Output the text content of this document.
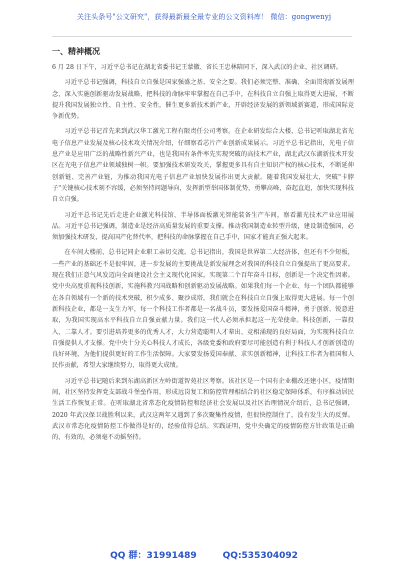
关注头条号"公文研究"，获得最新最全最专业的公文资料库！ 微信：gongwenyj
一、精神概况

6 月 28 日下午，习近平总书记在湖北省委书记王蒙徽、省长王忠林陪同下，深入武汉的企业、社区调研。

习近平总书记强调，科技自立自强是国家强盛之基、安全之要。我们必须完整、准确、全面贯彻新发展理念，深入实施创新驱动发展战略，把科技的命脉牢牢掌握在自己手中，在科技自立自强上取得更大进展，不断提升我国发展独立性、自主性、安全性，催生更多新技术新产业，开辟经济发展的新领域新赛道，形成国际竞争新优势。

习近平总书记首先来到武汉华工激光工程有限责任公司考察。在企业研发综合大楼，总书记听取湖北省光电子信息产业发展及核心技术攻关情况介绍，仔细察看芯片产业创新成果展示。习近平总书记指出，光电子信息产业是应用广泛的战略性新兴产业，也是我国有条件率先实现突破的高技术产业，湖北武汉东湖新技术开发区在光电子信息产业领域独树一帜。要加强技术研发攻关，掌握更多具有自主知识产权的核心技术，不断延伸创新链、完善产业链，为推动我国光电子信息产业加快发展作出更大贡献。随着我国发展壮大，突破"卡脖子"关键核心技术刻不容缓，必须坚持问题导向，发挥新型举国体制优势，勇攀高峰，奋起直追，加快实现科技自立自强。

习近平总书记先后走进企业激光科技馆、半导体面板激光智能装备生产车间，察看激光技术产业应用展品。习近平总书记强调，制造业是经济高质量发展的重要支撑。推动我国制造业转型升级，建设制造强国，必须加强技术研发，提高国产化替代率，把科技的命脉掌握在自己手中，国家才能真正强大起来。

在车间大楼前，总书记同企业职工亲切交流。总书记指出，我国是世界第二大经济体，但还有不少短板，一些产业的基础还不是很牢固，进一步发展的主要挑战是新发展理念对我国的科技自立自强提出了更高要求。现在我们正意气风发迈向全面建设社会主义现代化国家，实现第二个百年奋斗目标，创新是一个决定性因素。党中央高度重视科技创新，实施科教兴国战略和创新驱动发展战略。如果我们每一个企业、每一个团队都能够在各自领域有一个新的技术突破，积少成多、聚沙成塔，我们就会在科技自立自强上取得更大进展。每一个创新科技企业，都是一支生力军，每一个科技工作者都是一名战斗员，要发扬爱国奋斗精神，勇于创新、锐意进取，为我国实现高水平科技自立自强贡献力量。我们这一代人必须承担起这一光荣使命。科技创新，一靠投入，二靠人才。要引进培养更多的优秀人才，大力营造聪明人才辈出、竞相涌现的良好局面，为实现科技自立自强提供人才支撑。党中央十分关心科技人才成长，各级党委和政府要尽可能创造有利于科技人才创新创造的良好环境，为他们提供更好的工作生活保障。大家要发扬爱国奉献、求实创新精神，让科技工作者为祖国和人民作贡献，希望大家继续努力，取得更大成绩。

习近平总书记随后来到东湖高新区左岭街道智苑社区考察。该社区是一个国有企业棚改还建小区，疫情期间，社区坚持发挥党支部战斗堡垒作用，形成远岗复工和防控管理相结合的社区稳定保障体系，有序推动居民生活工作恢复正常。在听取湖北省常态化疫情防控和经济社会发展以及社区治理情况介绍后，总书记强调，2020 年武汉保卫战胜利以来，武汉这两年又遇到了多次聚集性疫情，但很快控制住了，没有发生大的反弹。武汉市常态化疫情防控工作做得是好的，经验值得总结。实践证明，党中央确定的疫情防控方针政策是正确的、有效的，必须毫不动摇坚持。

QQ 群：31991489	QQ:535304092
